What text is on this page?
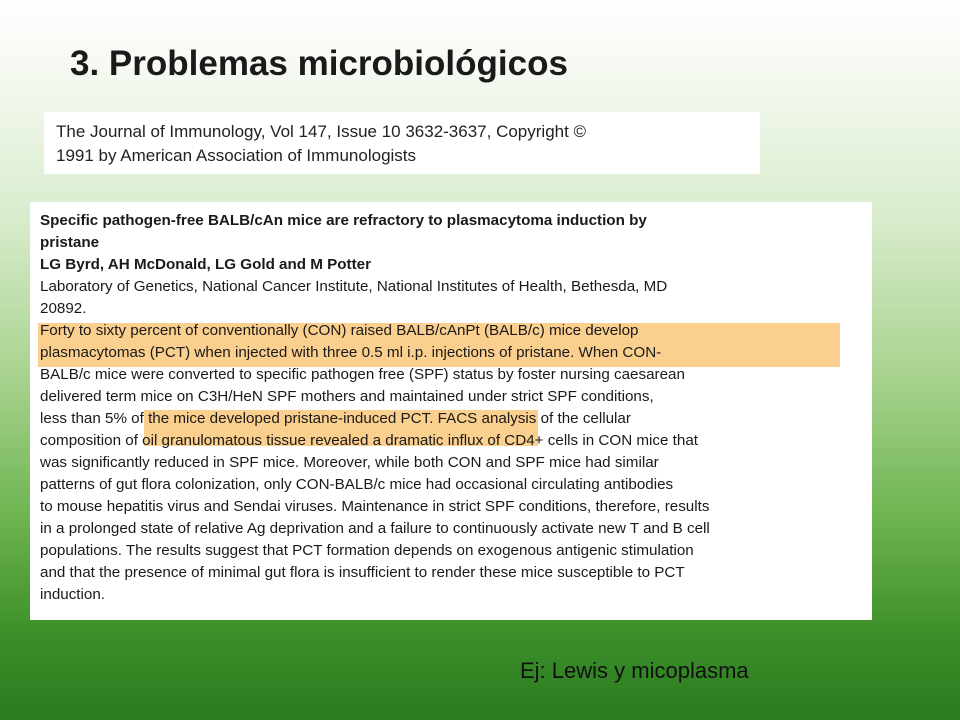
3. Problemas microbiológicos
The Journal of Immunology, Vol 147, Issue 10 3632-3637, Copyright ©
1991 by American Association of Immunologists
Specific pathogen-free BALB/cAn mice are refractory to plasmacytoma induction by
pristane
LG Byrd, AH McDonald, LG Gold and M Potter
Laboratory of Genetics, National Cancer Institute, National Institutes of Health, Bethesda, MD
20892.
Forty to sixty percent of conventionally (CON) raised BALB/cAnPt (BALB/c) mice develop
plasmacytomas (PCT) when injected with three 0.5 ml i.p. injections of pristane. When CON-
BALB/c mice were converted to specific pathogen free (SPF) status by foster nursing caesarean
delivered term mice on C3H/HeN SPF mothers and maintained under strict SPF conditions,
less than 5% of the mice developed pristane-induced PCT. FACS analysis of the cellular
composition of oil granulomatous tissue revealed a dramatic influx of CD4+ cells in CON mice that
was significantly reduced in SPF mice. Moreover, while both CON and SPF mice had similar
patterns of gut flora colonization, only CON-BALB/c mice had occasional circulating antibodies
to mouse hepatitis virus and Sendai viruses. Maintenance in strict SPF conditions, therefore, results
in a prolonged state of relative Ag deprivation and a failure to continuously activate new T and B cell
populations. The results suggest that PCT formation depends on exogenous antigenic stimulation
and that the presence of minimal gut flora is insufficient to render these mice susceptible to PCT
induction.
Ej: Lewis y micoplasma
